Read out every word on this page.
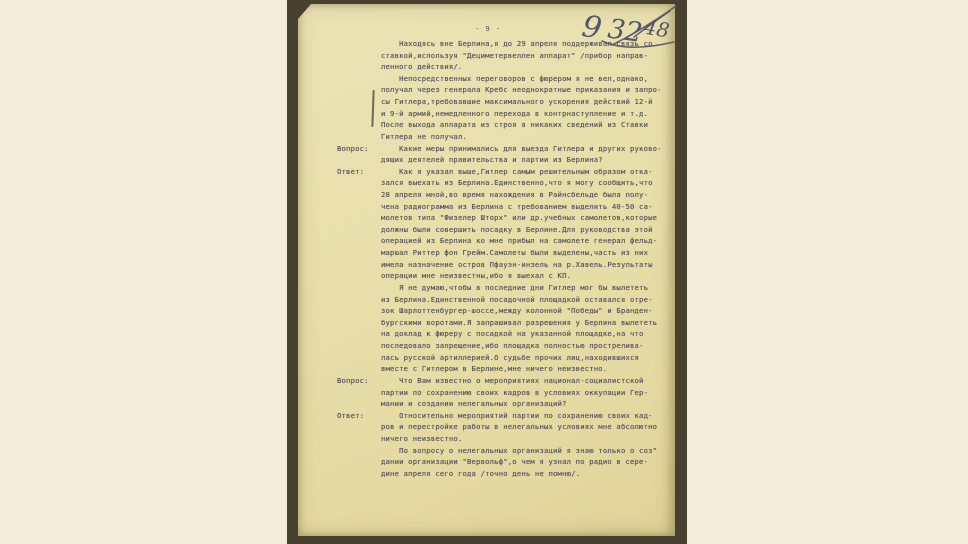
- 9 -	9 32
48
Находясь вне Берлина,я до 29 апреля поддерживал связь со
ставкой,используя "Дециметервеллен аппарат" /прибор направ-
ленного действия/.
Непосредственных переговоров с фюрером я не вел,однако,
получал через генерала Кребс неоднократные приказания и запро-
сы Гитлера,требовавшие максимального ускорения действий 12-й
и 9-й армий,немедленного перехода в контрнаступление и т.д.
После выхода аппарата из строя я никаких сведений из Ставки
Гитлера не получал.
Вопрос:	Какие меры принимались для выезда Гитлера и других руково-
дящих деятелей правительства и партии из Берлина?
Ответ:	Как я указал выше,Гитлер самым решительным образом отка-
зался выехать из Берлина.Единственно,что я могу сообщить,что
28 апреля мной,во время нахождения в Райнсбельде была полу-
чена радиограмма из Берлина с требованием выделить 40-50 са-
молетов типа "Физелер Шторх" или др.учебных самолетов,которые
должны были совершить посадку в Берлине.Для руководства этой
операцией из Берлина ко мне прибыл на самолете генерал фельд-
маршал Риттер фон Грейм.Самолеты были выделены,часть из них
имела назначение остров Пфауэн-инзель на р.Хавель.Результаты
операции мне неизвестны,ибо я выехал с КП.
Я не думаю,чтобы в последние дни Гитлер мог бы вылететь
из Берлина.Единственной посадочной площадкой оставался отре-
зок Шарлоттенбургер-шоссе,между колонной "Победы" и Бранден-
бургскими воротами.Я запрашивал разрешения у Берлина вылететь
на доклад к фюреру с посадкой на указанной площадке,на что
последовало запрещение,ибо площадка полностью прострелива-
лась русской артиллерией.О судьбе прочих лиц,находившихся
вместе с Гитлером в Берлине,мне ничего неизвестно.
Вопрос:	Что Вам известно о мероприятиях национал-социалистской
партии по сохранению своих кадров в условиях оккупации Гер-
мании и создании нелегальных организаций?
Ответ:	Относительно мероприятий партии по сохранению своих кад-
ров и перестройке работы в нелегальных условиях мне абсолютно
ничего неизвестно.
По вопросу о нелегальных организаций я знаю только о соз"
дании организации "Вервольф",о чем я узнал по радио в сере-
дине апреля сего года /точно день не помню/.
